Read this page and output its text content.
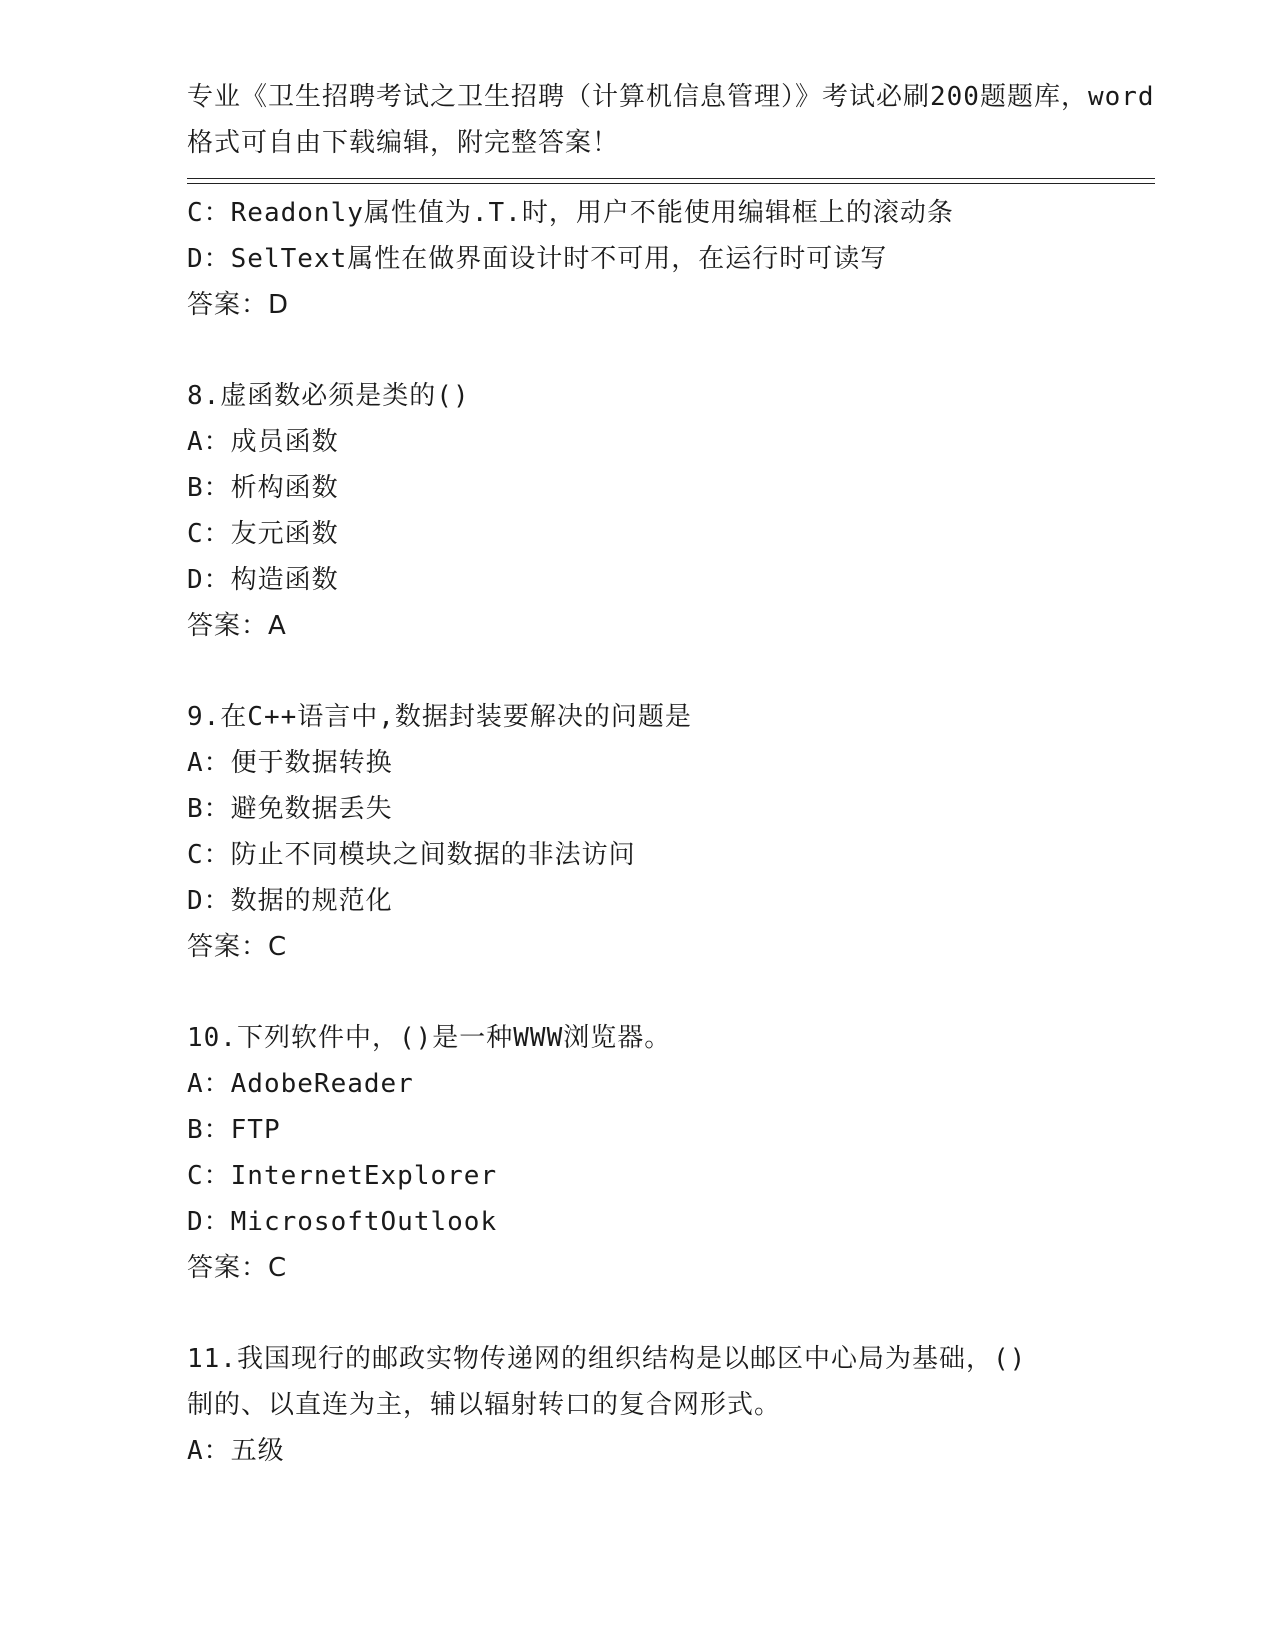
专业《卫生招聘考试之卫生招聘（计算机信息管理）》考试必刷200题题库，word
格式可自由下载编辑，附完整答案！
C：Readonly属性值为.T.时，用户不能使用编辑框上的滚动条
D：SelText属性在做界面设计时不可用，在运行时可读写
答案：D
8.虚函数必须是类的()
A：成员函数
B：析构函数
C：友元函数
D：构造函数
答案：A
9.在C++语言中,数据封装要解决的问题是
A：便于数据转换
B：避免数据丢失
C：防止不同模块之间数据的非法访问
D：数据的规范化
答案：C
10.下列软件中，()是一种WWW浏览器。
A：AdobeReader
B：FTP
C：InternetExplorer
D：MicrosoftOutlook
答案：C
11.我国现行的邮政实物传递网的组织结构是以邮区中心局为基础，()
制的、以直连为主，辅以辐射转口的复合网形式。
A：五级
